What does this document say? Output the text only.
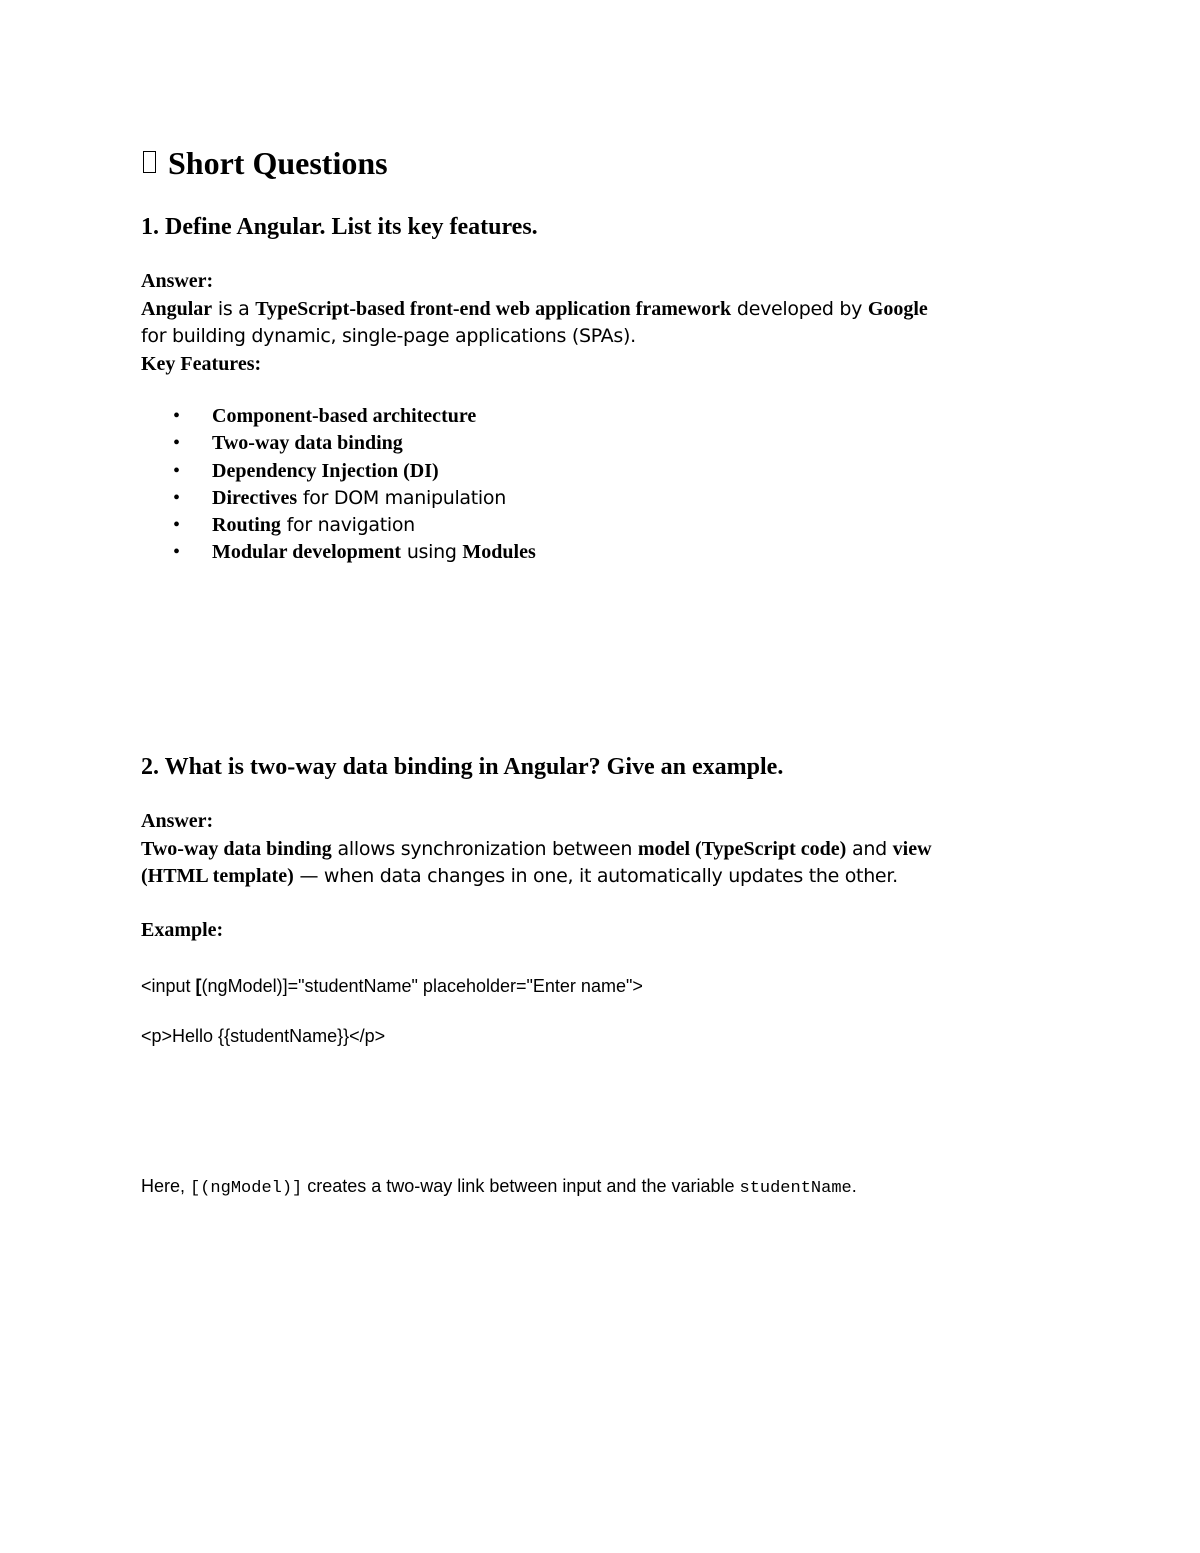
Short Questions
1. Define Angular. List its key features.
Answer:
Angular is a TypeScript-based front-end web application framework developed by Google
for building dynamic, single-page applications (SPAs).
Key Features:
• Component-based architecture
• Two-way data binding
• Dependency Injection (DI)
• Directives for DOM manipulation
• Routing for navigation
• Modular development using Modules
2. What is two-way data binding in Angular? Give an example.
Answer:
Two-way data binding allows synchronization between model (TypeScript code) and view
(HTML template) — when data changes in one, it automatically updates the other.
Example:
<input [(ngModel)]="studentName" placeholder="Enter name">
<p>Hello {{studentName}}</p>
Here, [(ngModel)] creates a two-way link between input and the variable studentName.
